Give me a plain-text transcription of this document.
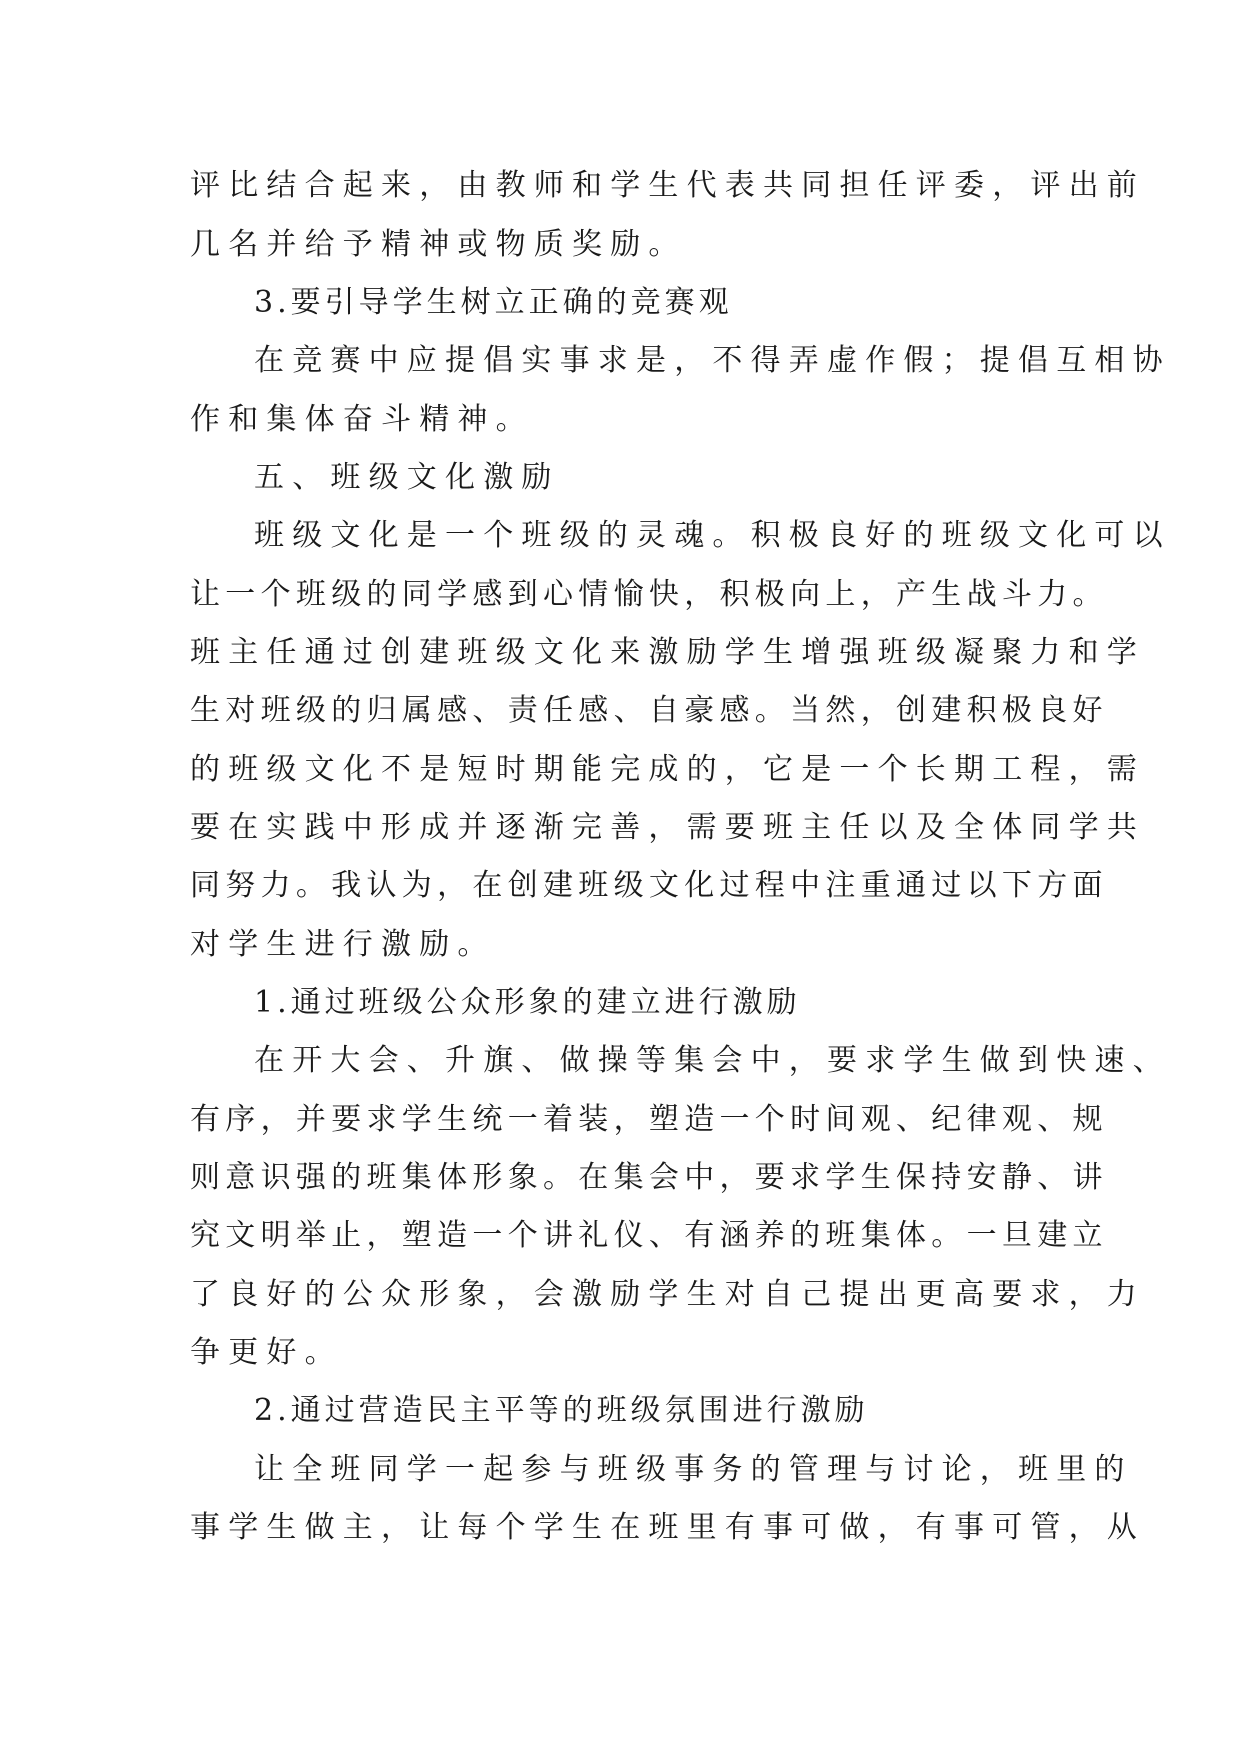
评比结合起来，由教师和学生代表共同担任评委，评出前
几名并给予精神或物质奖励。
3.要引导学生树立正确的竞赛观
在竞赛中应提倡实事求是，不得弄虚作假；提倡互相协
作和集体奋斗精神。
五、班级文化激励
班级文化是一个班级的灵魂。积极良好的班级文化可以
让一个班级的同学感到心情愉快，积极向上，产生战斗力。
班主任通过创建班级文化来激励学生增强班级凝聚力和学
生对班级的归属感、责任感、自豪感。当然，创建积极良好
的班级文化不是短时期能完成的，它是一个长期工程，需
要在实践中形成并逐渐完善，需要班主任以及全体同学共
同努力。我认为，在创建班级文化过程中注重通过以下方面
对学生进行激励。
1.通过班级公众形象的建立进行激励
在开大会、升旗、做操等集会中，要求学生做到快速、
有序，并要求学生统一着装，塑造一个时间观、纪律观、规
则意识强的班集体形象。在集会中，要求学生保持安静、讲
究文明举止，塑造一个讲礼仪、有涵养的班集体。一旦建立
了良好的公众形象，会激励学生对自己提出更高要求，力
争更好。
2.通过营造民主平等的班级氛围进行激励
让全班同学一起参与班级事务的管理与讨论，班里的
事学生做主，让每个学生在班里有事可做，有事可管，从
